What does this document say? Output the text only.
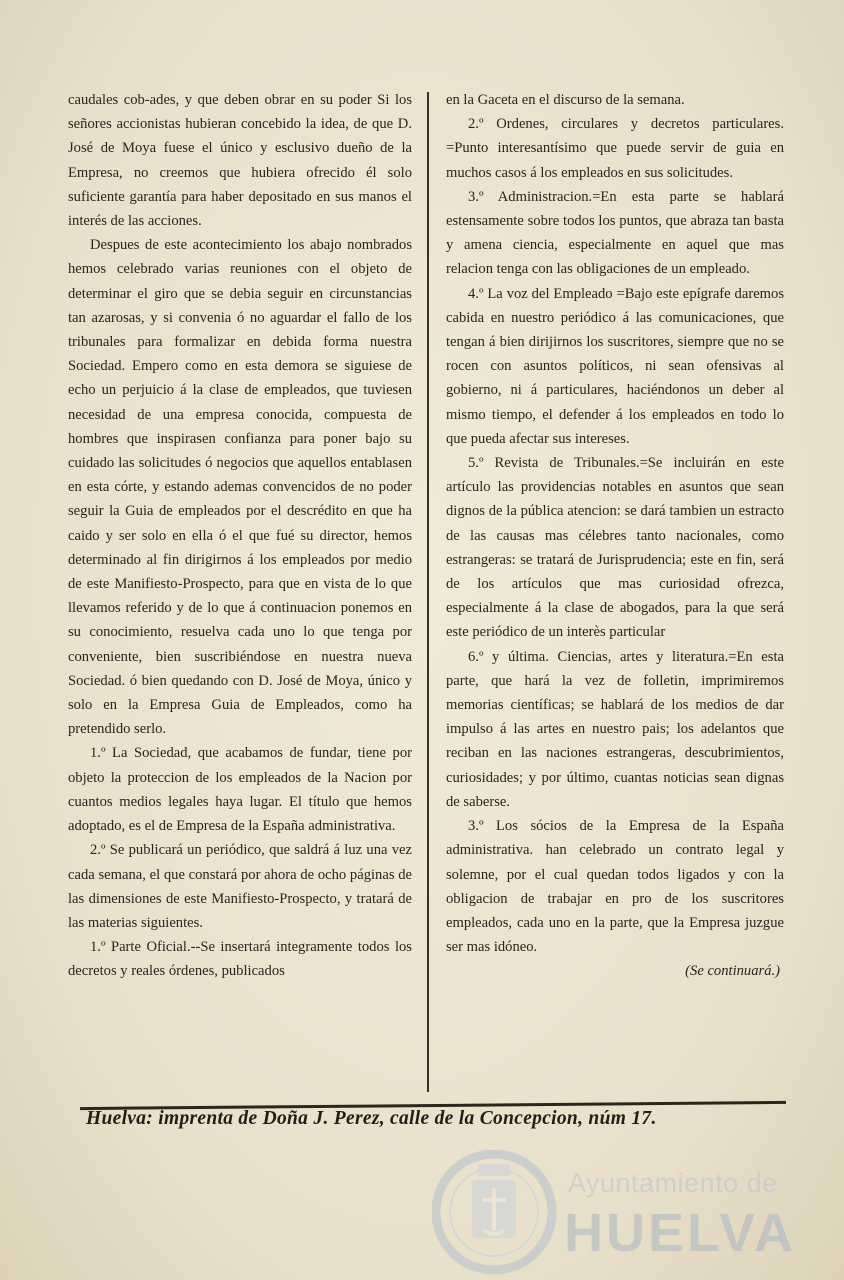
caudales cob-ades, y que deben obrar en su poder Si los señores accionistas hubieran concebido la idea, de que D. José de Moya fuese el único y esclusivo dueño de la Empresa, no creemos que hubiera ofrecido él solo suficiente garantía para haber depositado en sus manos el interés de las acciones.

Despues de este acontecimiento los abajo nombrados hemos celebrado varias reuniones con el objeto de determinar el giro que se debia seguir en circunstancias tan azarosas, y si convenia ó no aguardar el fallo de los tribunales para formalizar en debida forma nuestra Sociedad. Empero como en esta demora se siguiese de echo un perjuicio á la clase de empleados, que tuviesen necesidad de una empresa conocida, compuesta de hombres que inspirasen confianza para poner bajo su cuidado las solicitudes ó negocios que aquellos entablasen en esta córte, y estando ademas convencidos de no poder seguir la Guia de empleados por el descrédito en que ha caido y ser solo en ella ó el que fué su director, hemos determinado al fin dirigirnos á los empleados por medio de este Manifiesto-Prospecto, para que en vista de lo que llevamos referido y de lo que á continuacion ponemos en su conocimiento, resuelva cada uno lo que tenga por conveniente, bien suscribiéndose en nuestra nueva Sociedad. ó bien quedando con D. José de Moya, único y solo en la Empresa Guia de Empleados, como ha pretendido serlo.

1.º La Sociedad, que acabamos de fundar, tiene por objeto la proteccion de los empleados de la Nacion por cuantos medios legales haya lugar. El título que hemos adoptado, es el de Empresa de la España administrativa.

2.º Se publicará un periódico, que saldrá á luz una vez cada semana, el que constará por ahora de ocho páginas de las dimensiones de este Manifiesto-Prospecto, y tratará de las materias siguientes.

1.º Parte Oficial.--Se insertará integramente todos los decretos y reales órdenes, publicados

en la Gaceta en el discurso de la semana.

2.º Ordenes, circulares y decretos particulares. =Punto interesantísimo que puede servir de guia en muchos casos á los empleados en sus solicitudes.

3.º Administracion.=En esta parte se hablará estensamente sobre todos los puntos, que abraza tan basta y amena ciencia, especialmente en aquel que mas relacion tenga con las obligaciones de un empleado.

4.º La voz del Empleado =Bajo este epígrafe daremos cabida en nuestro periódico á las comunicaciones, que tengan á bien dirijirnos los suscritores, siempre que no se rocen con asuntos políticos, ni sean ofensivas al gobierno, ni á particulares, haciéndonos un deber al mismo tiempo, el defender á los empleados en todo lo que pueda afectar sus intereses.

5.º Revista de Tribunales.=Se incluirán en este artículo las providencias notables en asuntos que sean dignos de la pública atencion: se dará tambien un estracto de las causas mas célebres tanto nacionales, como estrangeras: se tratará de Jurisprudencia; este en fin, será de los artículos que mas curiosidad ofrezca, especialmente á la clase de abogados, para la que será este periódico de un interès particular

6.º y última. Ciencias, artes y literatura.=En esta parte, que hará la vez de folletin, imprimiremos memorias científicas; se hablará de los medios de dar impulso á las artes en nuestro pais; los adelantos que reciban en las naciones estrangeras, descubrimientos, curiosidades; y por último, cuantas noticias sean dignas de saberse.

3.º Los sócios de la Empresa de la España administrativa. han celebrado un contrato legal y solemne, por el cual quedan todos ligados y con la obligacion de trabajar en pro de los suscritores empleados, cada uno en la parte, que la Empresa juzgue ser mas idóneo.

(Se continuará.)
Huelva: imprenta de Doña J. Perez, calle de la Concepcion, núm 17.
Ayuntamiento de
HUELVA
